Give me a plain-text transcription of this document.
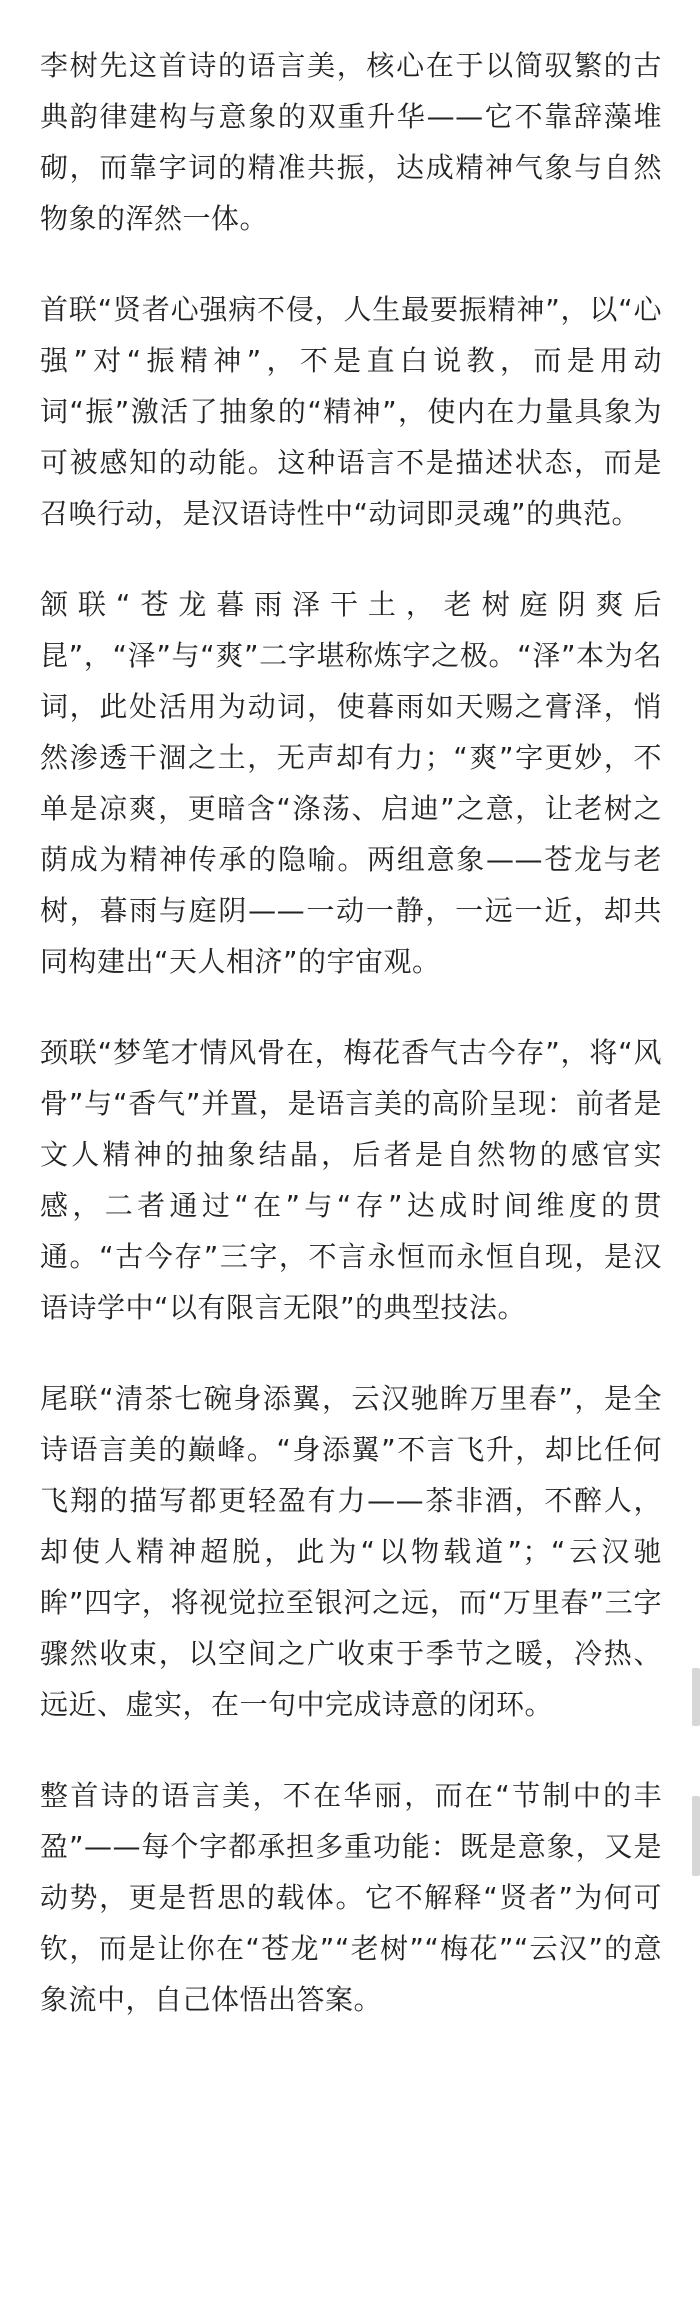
李树先这首诗的语言美，核心在于以简驭繁的古典韵律建构与意象的双重升华——它不靠辞藻堆砌，而靠字词的精准共振，达成精神气象与自然物象的浑然一体。

首联“贤者心强病不侵，人生最要振精神”，以“心强”对“振精神”，不是直白说教，而是用动词“振”激活了抽象的“精神”，使内在力量具象为可被感知的动能。这种语言不是描述状态，而是召唤行动，是汉语诗性中“动词即灵魂”的典范。

颔联“苍龙暮雨泽干土，老树庭阴爽后昆”，“泽”与“爽”二字堪称炼字之极。“泽”本为名词，此处活用为动词，使暮雨如天赐之膏泽，悄然渗透干涸之土，无声却有力；“爽”字更妙，不单是凉爽，更暗含“涤荡、启迪”之意，让老树之荫成为精神传承的隐喻。两组意象——苍龙与老树，暮雨与庭阴——一动一静，一远一近，却共同构建出“天人相济”的宇宙观。

颈联“梦笔才情风骨在，梅花香气古今存”，将“风骨”与“香气”并置，是语言美的高阶呈现：前者是文人精神的抽象结晶，后者是自然物的感官实感，二者通过“在”与“存”达成时间维度的贯通。“古今存”三字，不言永恒而永恒自现，是汉语诗学中“以有限言无限”的典型技法。

尾联“清茶七碗身添翼，云汉驰眸万里春”，是全诗语言美的巅峰。“身添翼”不言飞升，却比任何飞翔的描写都更轻盈有力——茶非酒，不醉人，却使人精神超脱，此为“以物载道”；“云汉驰眸”四字，将视觉拉至银河之远，而“万里春”三字骤然收束，以空间之广收束于季节之暖，冷热、远近、虚实，在一句中完成诗意的闭环。

整首诗的语言美，不在华丽，而在“节制中的丰盈”——每个字都承担多重功能：既是意象，又是动势，更是哲思的载体。它不解释“贤者”为何可钦，而是让你在“苍龙”“老树”“梅花”“云汉”的意象流中，自己体悟出答案。
